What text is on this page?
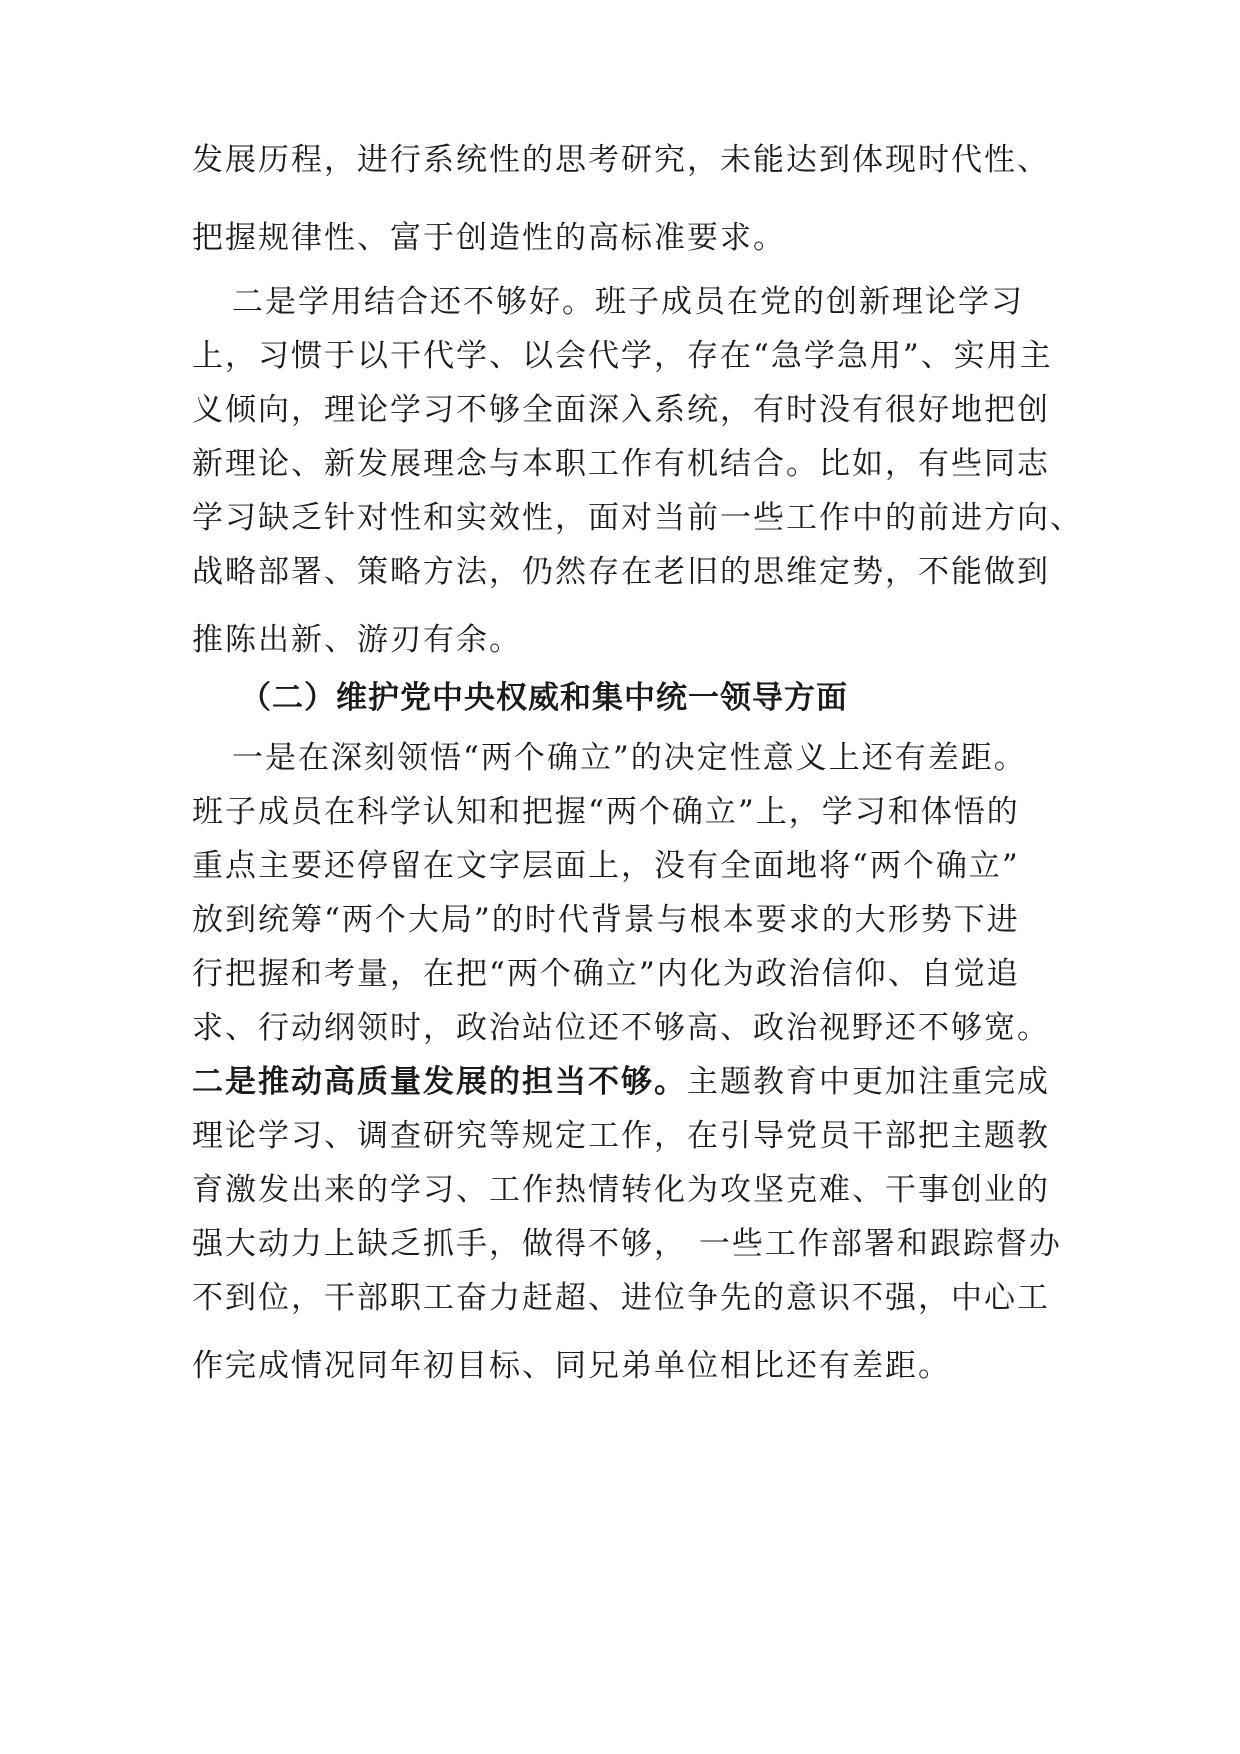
发展历程，进行系统性的思考研究，未能达到体现时代性、
把握规律性、富于创造性的高标准要求。
二是学用结合还不够好。班子成员在党的创新理论学习
上，习惯于以干代学、以会代学，存在“急学急用”、实用主
义倾向，理论学习不够全面深入系统，有时没有很好地把创
新理论、新发展理念与本职工作有机结合。比如，有些同志
学习缺乏针对性和实效性，面对当前一些工作中的前进方向、
战略部署、策略方法，仍然存在老旧的思维定势，不能做到
推陈出新、游刃有余。
（二）维护党中央权威和集中统一领导方面
一是在深刻领悟“两个确立”的决定性意义上还有差距。
班子成员在科学认知和把握“两个确立”上，学习和体悟的
重点主要还停留在文字层面上，没有全面地将“两个确立”
放到统筹“两个大局”的时代背景与根本要求的大形势下进
行把握和考量，在把“两个确立”内化为政治信仰、自觉追
求、行动纲领时，政治站位还不够高、政治视野还不够宽。
二是推动高质量发展的担当不够。主题教育中更加注重完成
理论学习、调查研究等规定工作，在引导党员干部把主题教
育激发出来的学习、工作热情转化为攻坚克难、干事创业的
强大动力上缺乏抓手，做得不够， 一些工作部署和跟踪督办
不到位，干部职工奋力赶超、进位争先的意识不强，中心工
作完成情况同年初目标、同兄弟单位相比还有差距。
